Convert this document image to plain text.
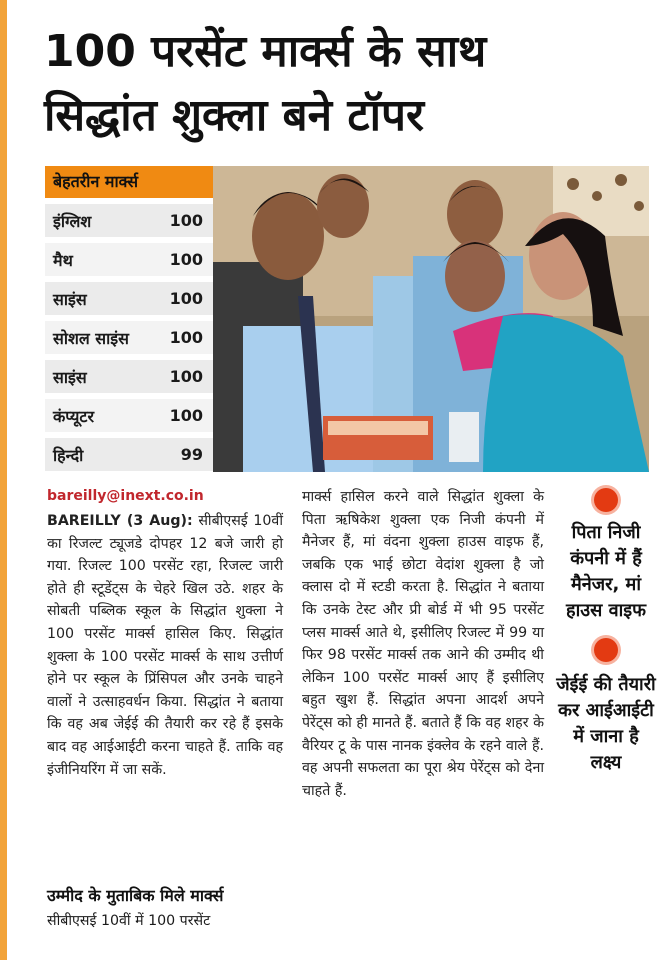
100 परसेंट मार्क्स के साथ
सिद्धांत शुक्ला बने टॉपर
बेहतरीन मार्क्स
इंग्लिश	100
मैथ	100
साइंस	100
सोशल साइंस	100
साइंस	100
कंप्यूटर	100
हिन्दी	99
bareilly@inext.co.in

BAREILLY (3 Aug): सीबीएसई 10वीं का रिजल्ट ट्यूजडे दोपहर 12 बजे जारी हो गया. रिजल्ट 100 परसेंट रहा, रिजल्ट जारी होते ही स्टूडेंट्स के चेहरे खिल उठे. शहर के सोबती पब्लिक स्कूल के सिद्धांत शुक्ला ने 100 परसेंट मार्क्स हासिल किए. सिद्धांत शुक्ला के 100 परसेंट मार्क्स के साथ उत्तीर्ण होने पर स्कूल के प्रिंसिपल और उनके चाहने वालों ने उत्साहवर्धन किया. सिद्धांत ने बताया कि वह अब जेईई की तैयारी कर रहे हैं इसके बाद वह आईआईटी करना चाहते हैं. ताकि वह इंजीनियरिंग में जा सकें.

उम्मीद के मुताबिक मिले मार्क्स
सीबीएसई 10वीं में 100 परसेंट

मार्क्स हासिल करने वाले सिद्धांत शुक्ला के पिता ऋषिकेश शुक्ला एक निजी कंपनी में मैनेजर हैं, मां वंदना शुक्ला हाउस वाइफ हैं, जबकि एक भाई छोटा वेदांश शुक्ला है जो क्लास दो में स्टडी करता है. सिद्धांत ने बताया कि उनके टेस्ट और प्री बोर्ड में भी 95 परसेंट प्लस मार्क्स आते थे, इसीलिए रिजल्ट में 99 या फिर 98 परसेंट मार्क्स तक आने की उम्मीद थी लेकिन 100 परसेंट मार्क्स आए हैं इसीलिए बहुत खुश हैं. सिद्धांत अपना आदर्श अपने पेरेंट्स को ही मानते हैं. बताते हैं कि वह शहर के वैरियर टू के पास नानक इंक्लेव के रहने वाले हैं. वह अपनी सफलता का पूरा श्रेय पेरेंट्स को देना चाहते हैं.

पिता निजी कंपनी में हैं मैनेजर, मां हाउस वाइफ
जेईई की तैयारी कर आईआईटी में जाना है लक्ष्य
